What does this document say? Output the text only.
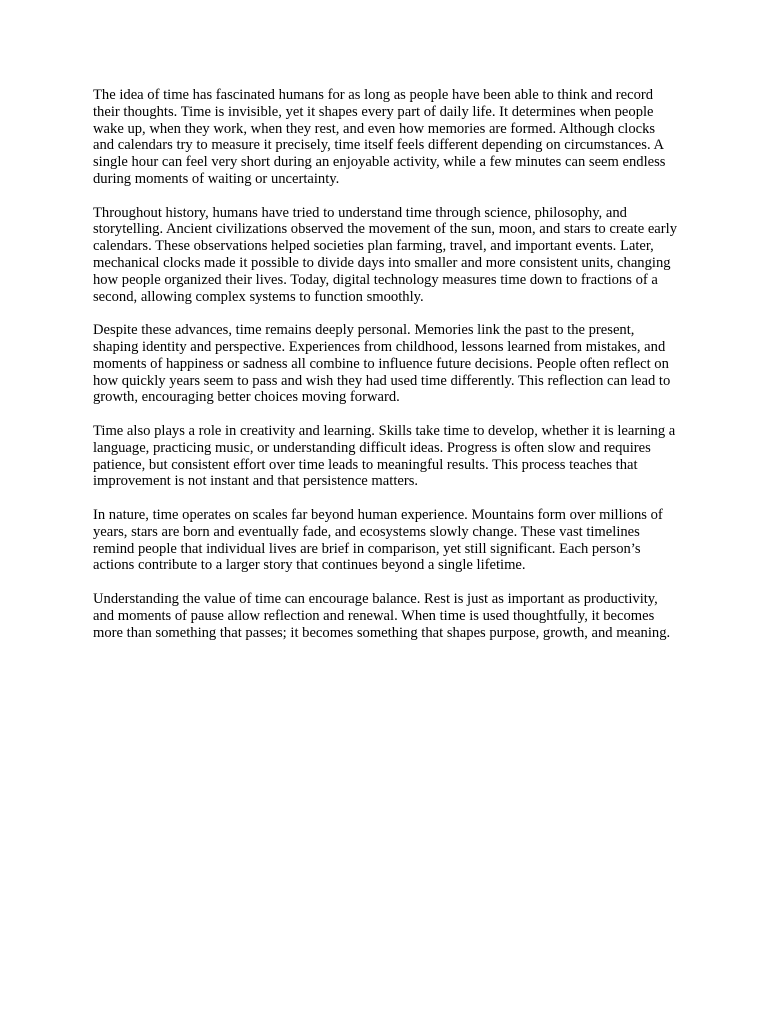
The idea of time has fascinated humans for as long as people have been able to think and record their thoughts. Time is invisible, yet it shapes every part of daily life. It determines when people wake up, when they work, when they rest, and even how memories are formed. Although clocks and calendars try to measure it precisely, time itself feels different depending on circumstances. A single hour can feel very short during an enjoyable activity, while a few minutes can seem endless during moments of waiting or uncertainty.

Throughout history, humans have tried to understand time through science, philosophy, and storytelling. Ancient civilizations observed the movement of the sun, moon, and stars to create early calendars. These observations helped societies plan farming, travel, and important events. Later, mechanical clocks made it possible to divide days into smaller and more consistent units, changing how people organized their lives. Today, digital technology measures time down to fractions of a second, allowing complex systems to function smoothly.

Despite these advances, time remains deeply personal. Memories link the past to the present, shaping identity and perspective. Experiences from childhood, lessons learned from mistakes, and moments of happiness or sadness all combine to influence future decisions. People often reflect on how quickly years seem to pass and wish they had used time differently. This reflection can lead to growth, encouraging better choices moving forward.

Time also plays a role in creativity and learning. Skills take time to develop, whether it is learning a language, practicing music, or understanding difficult ideas. Progress is often slow and requires patience, but consistent effort over time leads to meaningful results. This process teaches that improvement is not instant and that persistence matters.

In nature, time operates on scales far beyond human experience. Mountains form over millions of years, stars are born and eventually fade, and ecosystems slowly change. These vast timelines remind people that individual lives are brief in comparison, yet still significant. Each person’s actions contribute to a larger story that continues beyond a single lifetime.

Understanding the value of time can encourage balance. Rest is just as important as productivity, and moments of pause allow reflection and renewal. When time is used thoughtfully, it becomes more than something that passes; it becomes something that shapes purpose, growth, and meaning.
